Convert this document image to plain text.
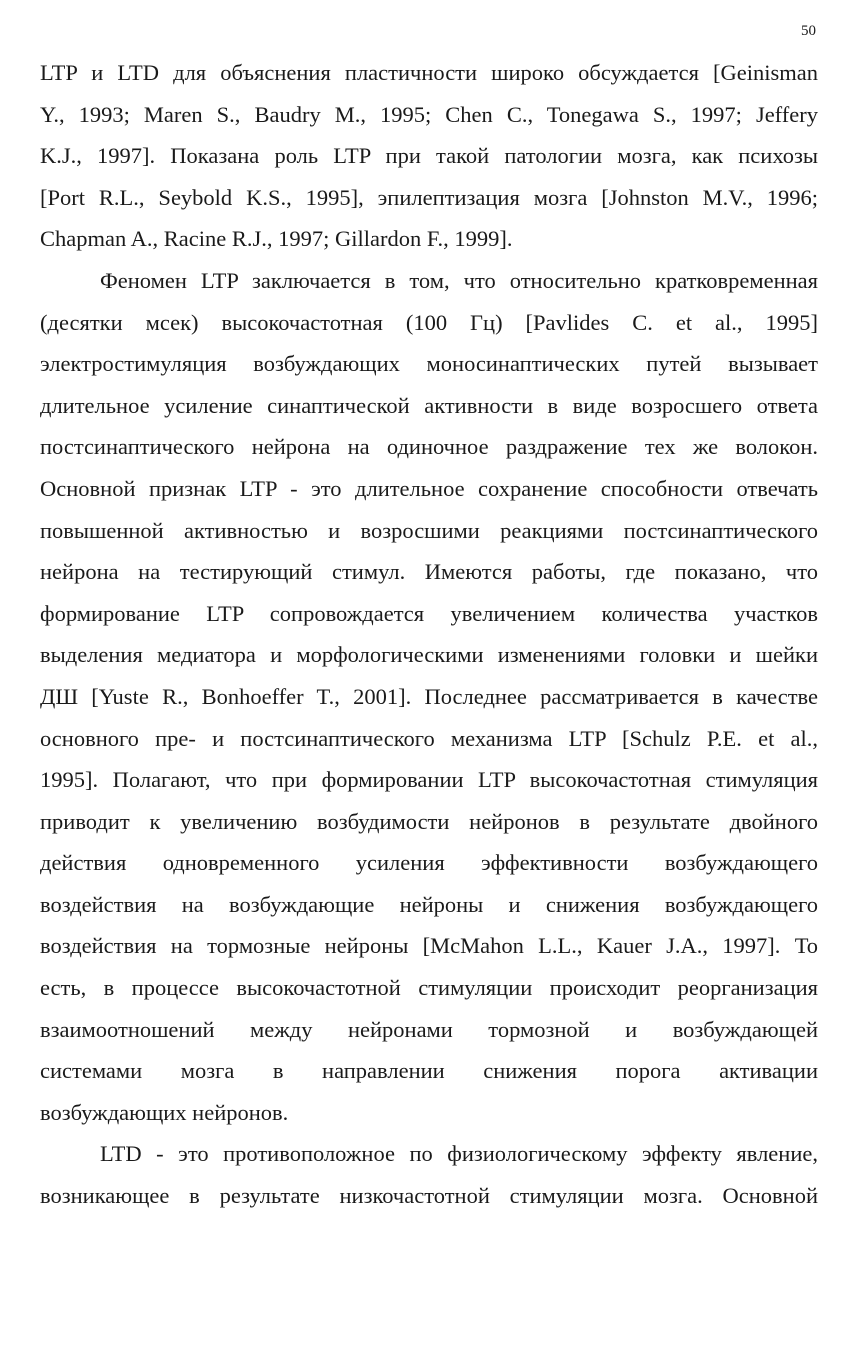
50
LTP и LTD для объяснения пластичности широко обсуждается [Geinisman
Y., 1993; Maren S., Baudry M., 1995; Chen C., Tonegawa S., 1997; Jeffery
K.J., 1997]. Показана роль LTP при такой патологии мозга, как психозы
[Port R.L., Seybold K.S., 1995], эпилептизация мозга [Johnston M.V., 1996;
Chapman A., Racine R.J., 1997; Gillardon F., 1999].
Феномен LTP заключается в том, что относительно кратковременная
(десятки мсек) высокочастотная (100 Гц) [Pavlides C. et al., 1995]
электростимуляция возбуждающих моносинаптических путей вызывает
длительное усиление синаптической активности в виде возросшего ответа
постсинаптического нейрона на одиночное раздражение тех же волокон.
Основной признак LTP - это длительное сохранение способности отвечать
повышенной активностью и возросшими реакциями постсинаптического
нейрона на тестирующий стимул. Имеются работы, где показано, что
формирование LTP сопровождается увеличением количества участков
выделения медиатора и морфологическими изменениями головки и шейки
ДШ [Yuste R., Bonhoeffer T., 2001]. Последнее рассматривается в качестве
основного пре- и постсинаптического механизма LTP [Schulz P.E. et al.,
1995]. Полагают, что при формировании LTP высокочастотная стимуляция
приводит к увеличению возбудимости нейронов в результате двойного
действия одновременного усиления эффективности возбуждающего
воздействия на возбуждающие нейроны и снижения возбуждающего
воздействия на тормозные нейроны [McMahon L.L., Kauer J.A., 1997]. То
есть, в процессе высокочастотной стимуляции происходит реорганизация
взаимоотношений между нейронами тормозной и возбуждающей
системами мозга в направлении снижения порога активации
возбуждающих нейронов.
LTD - это противоположное по физиологическому эффекту явление,
возникающее в результате низкочастотной стимуляции мозга. Основной
